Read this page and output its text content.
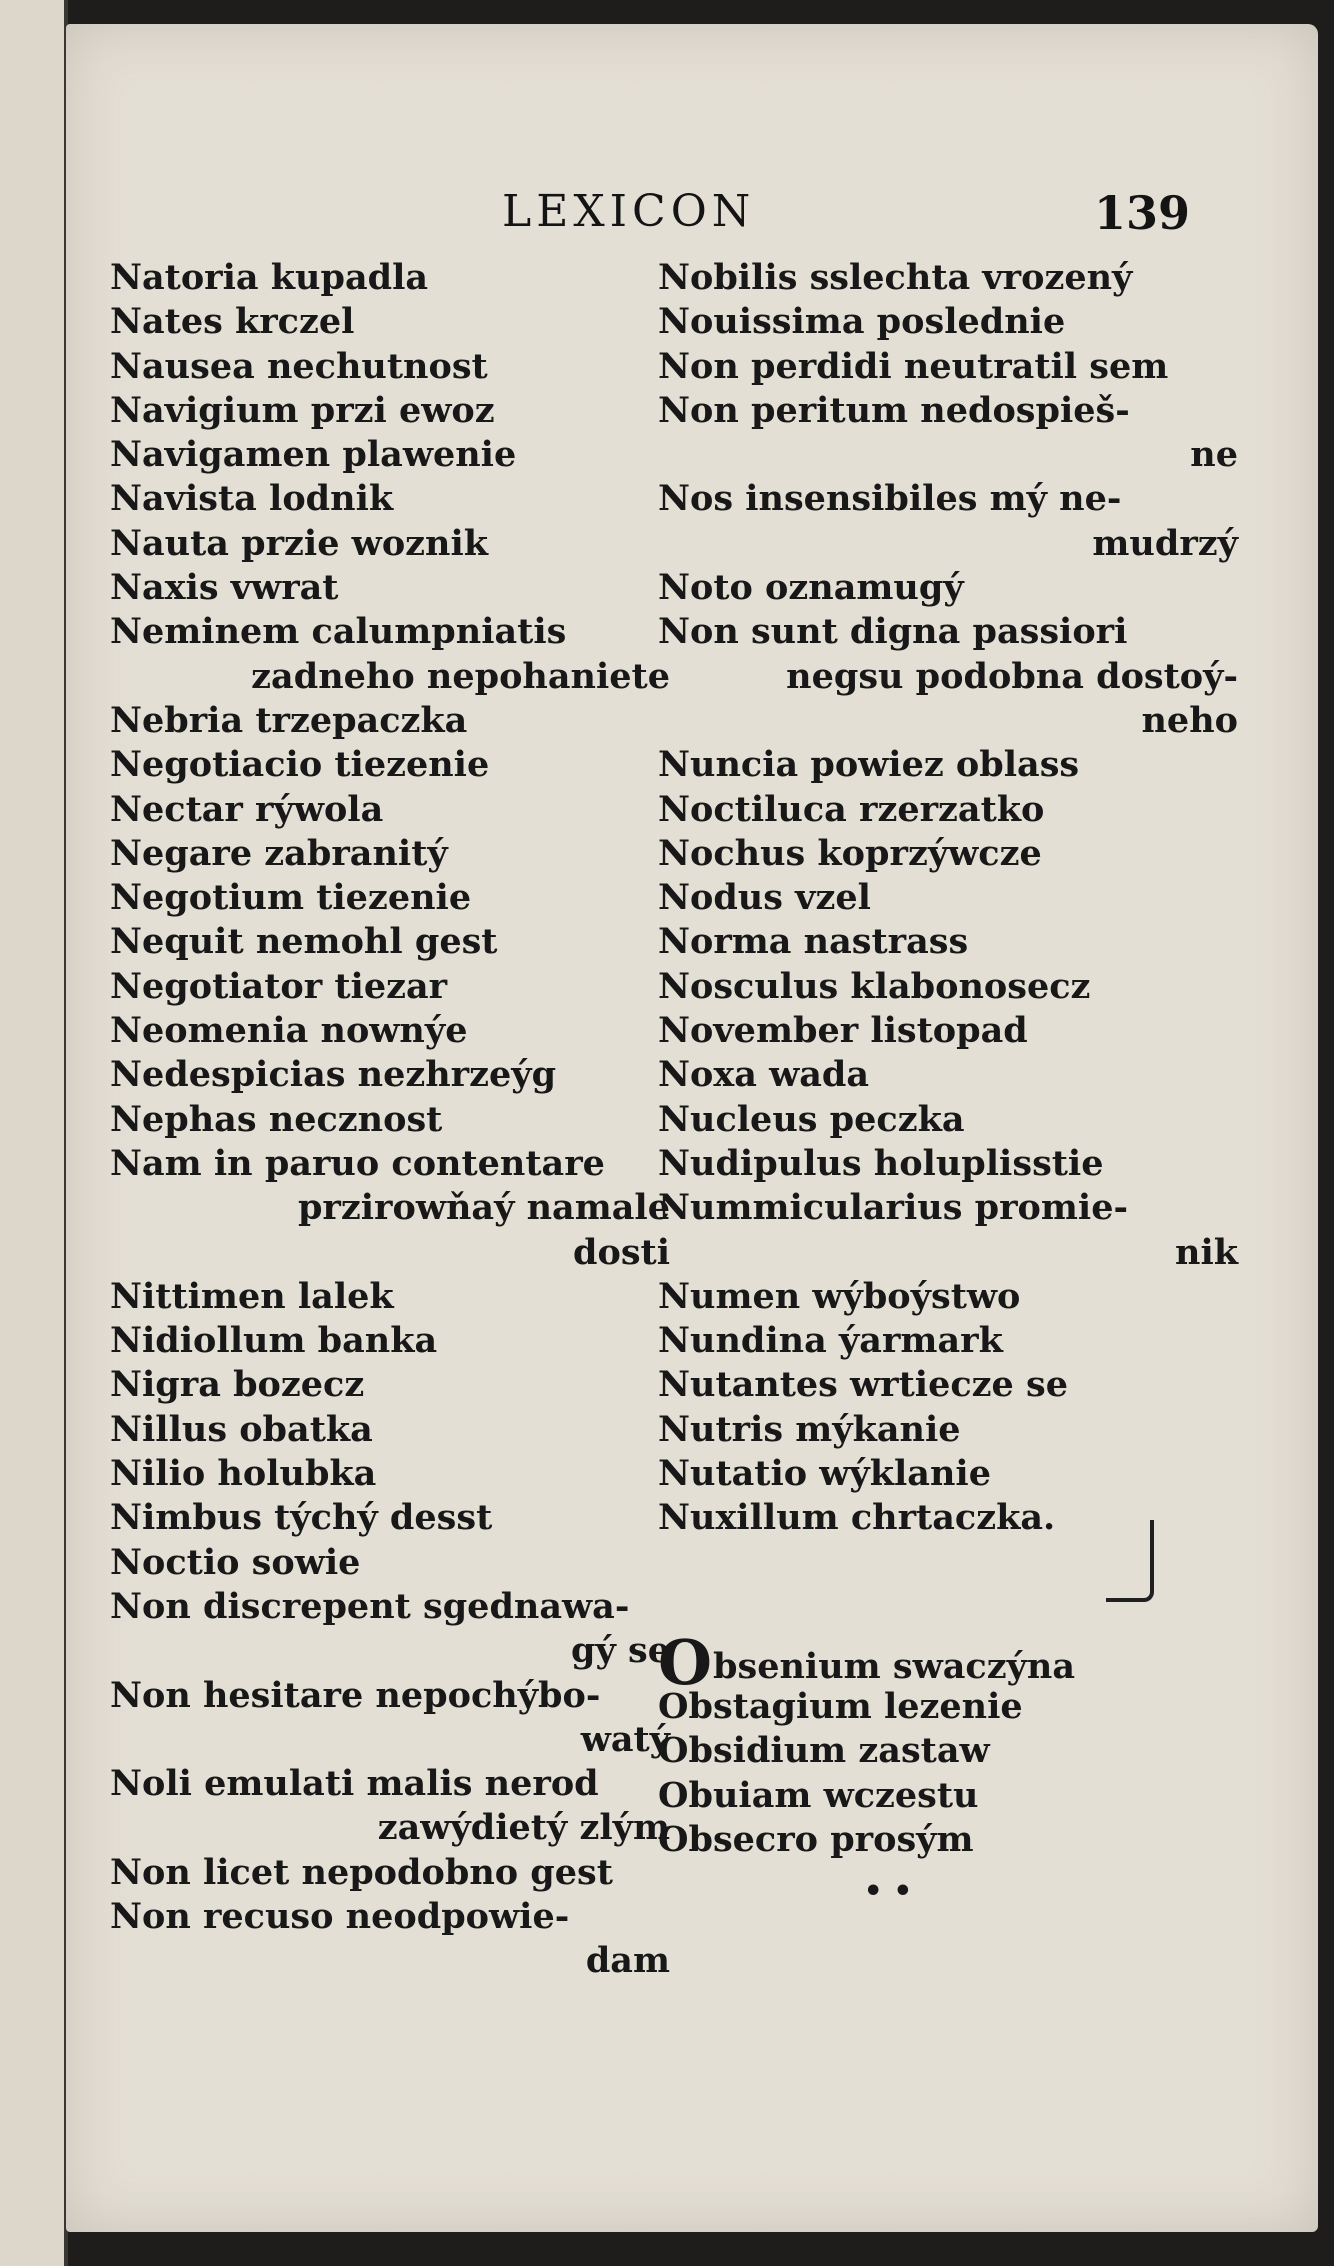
LEXICON	139
Natoria kupadla
Nates krczel
Nausea nechutnost
Navigium przi ewoz
Navigamen plawenie
Navista lodnik
Nauta przie woznik
Naxis vwrat
Neminem calumpniatis
zadneho nepohaniete
Nebria trzepaczka
Negotiacio tiezenie
Nectar rýwola
Negare zabranitý
Negotium tiezenie
Nequit nemohl gest
Negotiator tiezar
Neomenia nownýe
Nedespicias nezhrzeýg
Nephas necznost
Nam in paruo contentare
przirowňaý namale
dosti
Nittimen lalek
Nidiollum banka
Nigra bozecz
Nillus obatka
Nilio holubka
Nimbus týchý desst
Noctio sowie
Non discrepent sgednawa-
gý se
Non hesitare nepochýbo-
watý
Noli emulati malis nerod
zawýdietý zlým
Non licet nepodobno gest
Non recuso neodpowie-
dam
Nobilis sslechta vrozený
Nouissima poslednie
Non perdidi neutratil sem
Non peritum nedospieš-
ne
Nos insensibiles mý ne-
mudrzý
Noto oznamugý
Non sunt digna passiori
negsu podobna dostoý-
neho
Nuncia powiez oblass
Noctiluca rzerzatko
Nochus koprzýwcze
Nodus vzel
Norma nastrass
Nosculus klabonosecz
November listopad
Noxa wada
Nucleus peczka
Nudipulus holuplisstie
Nummicularius promie-
nik
Numen wýboýstwo
Nundina ýarmark
Nutantes wrtiecze se
Nutris mýkanie
Nutatio wýklanie
Nuxillum chrtaczka.
Obsenium swaczýna
Obstagium lezenie
Obsidium zastaw
Obuiam wczestu
Obsecro prosým
• •
